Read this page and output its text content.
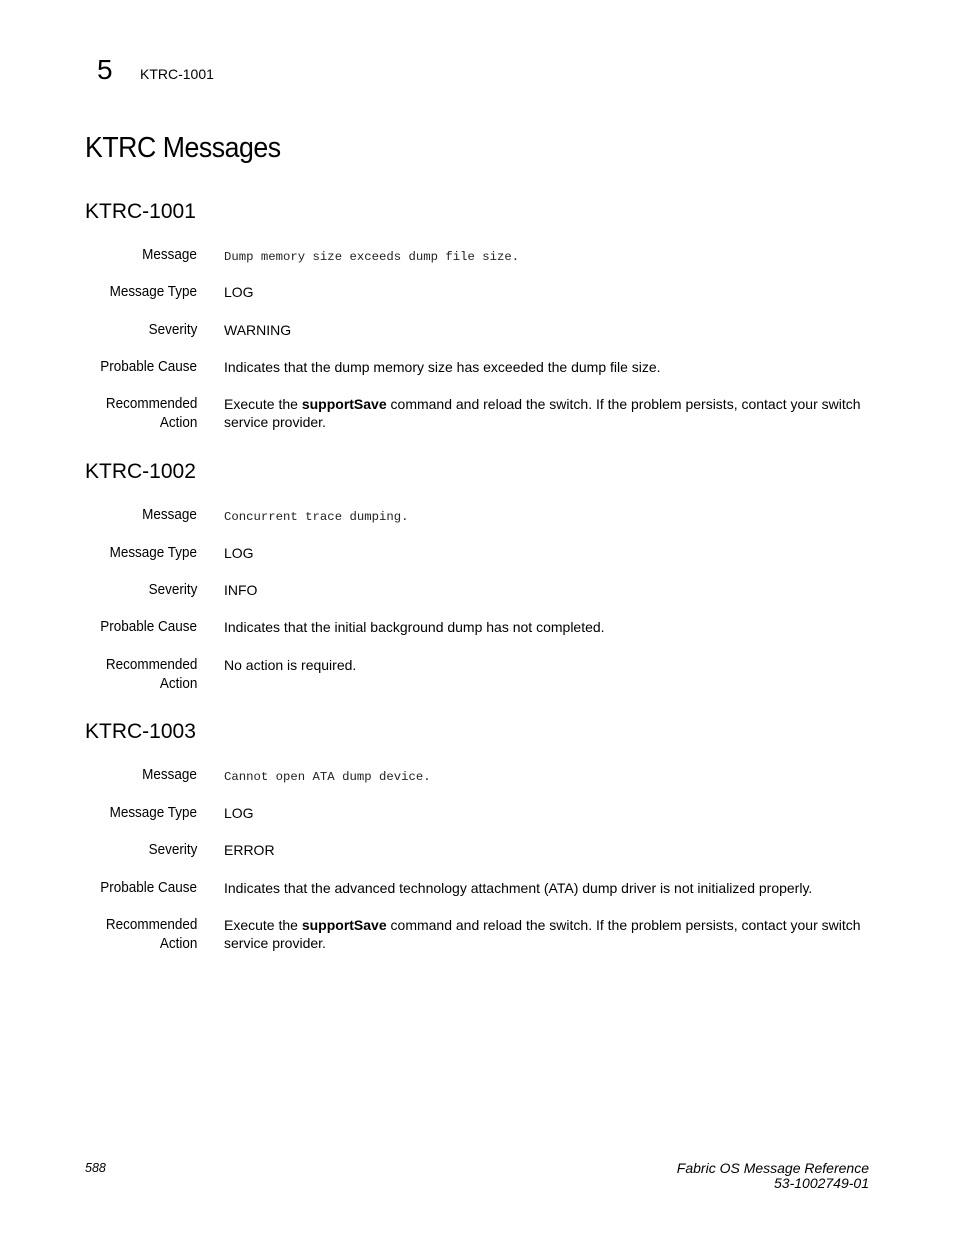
5 KTRC-1001
KTRC Messages
KTRC-1001
Message Dump memory size exceeds dump file size.
Message Type LOG
Severity WARNING
Probable Cause Indicates that the dump memory size has exceeded the dump file size.
Recommended
Action
Execute the supportSave command and reload the switch. If the problem persists, contact your switch service provider.
KTRC-1002
Message Concurrent trace dumping.
Message Type LOG
Severity INFO
Probable Cause Indicates that the initial background dump has not completed.
Recommended
Action
No action is required.
KTRC-1003
Message Cannot open ATA dump device.
Message Type LOG
Severity ERROR
Probable Cause Indicates that the advanced technology attachment (ATA) dump driver is not initialized properly.
Recommended
Action
Execute the supportSave command and reload the switch. If the problem persists, contact your switch service provider.
588	Fabric OS Message Reference
53-1002749-01
